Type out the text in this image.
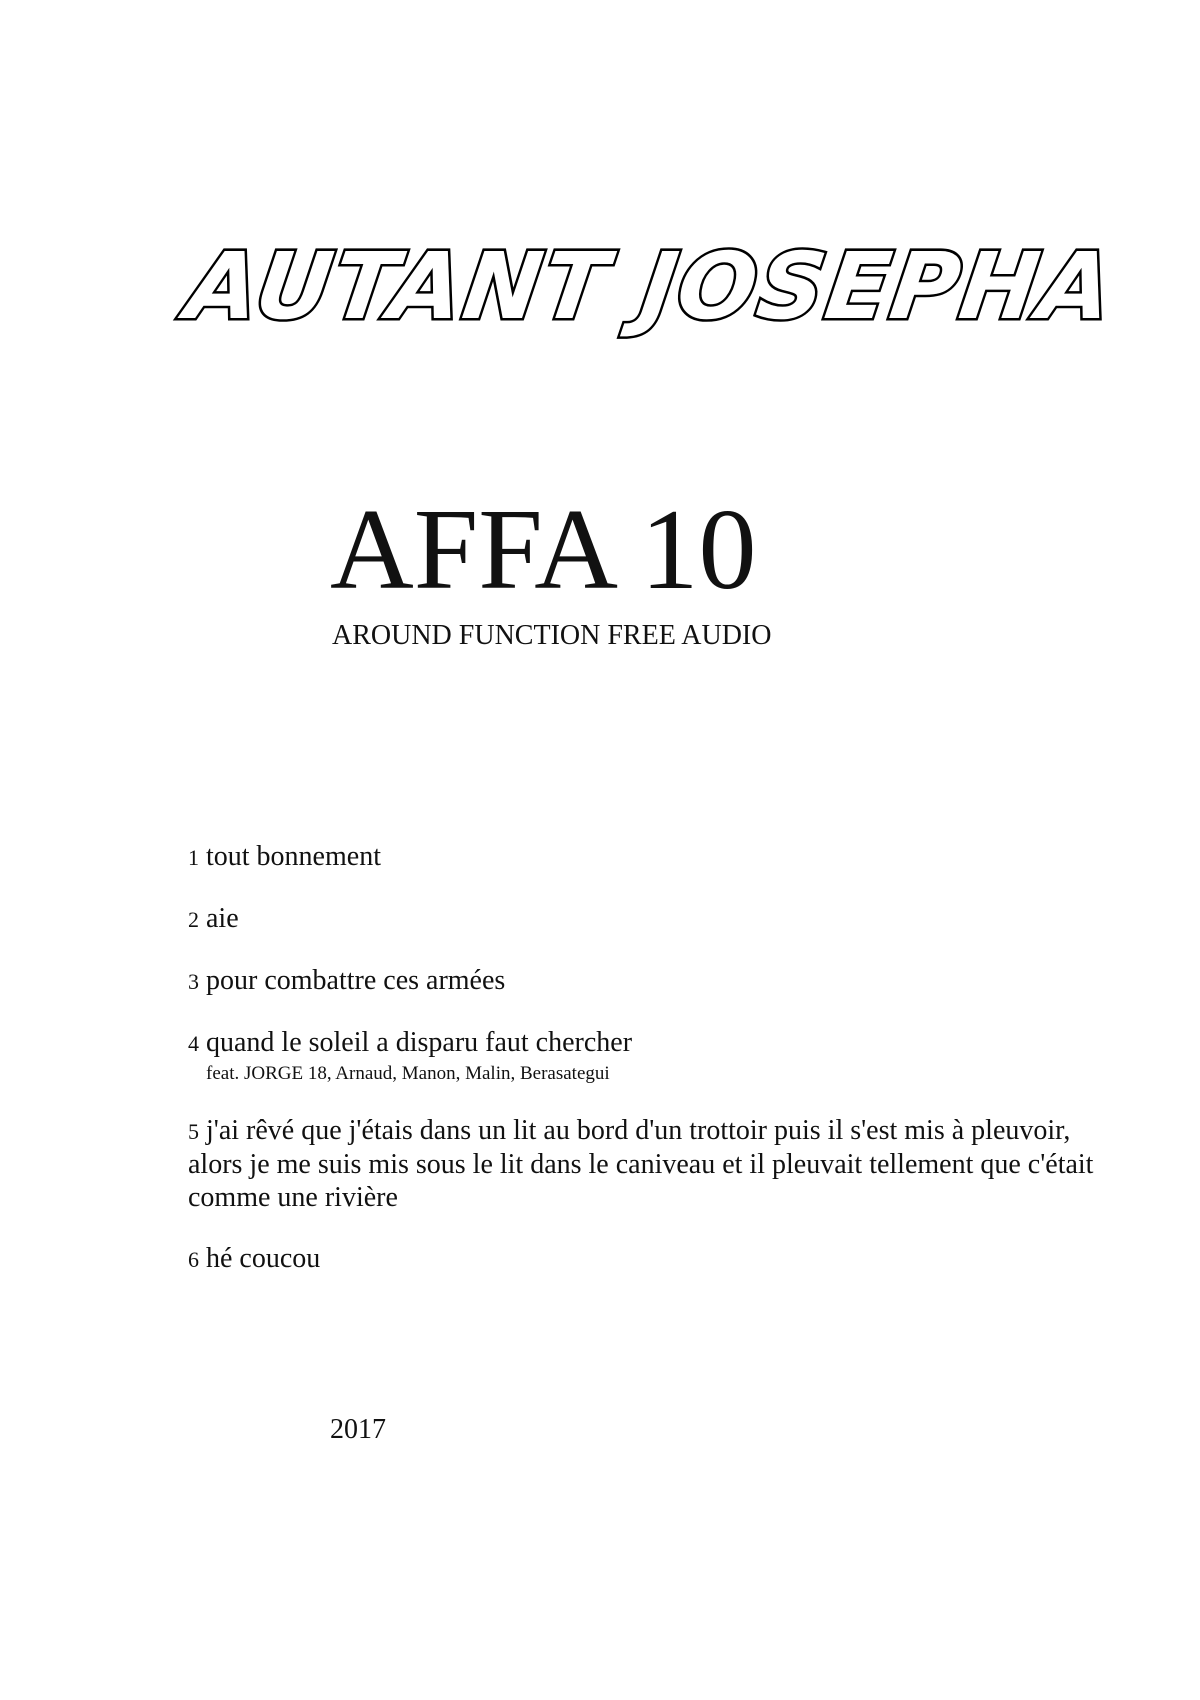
AUTANT JOSEPHA
AFFA 10
AROUND FUNCTION FREE AUDIO
1 tout bonnement
2 aie
3 pour combattre ces armées
4 quand le soleil a disparu faut chercher
feat. JORGE 18, Arnaud, Manon, Malin, Berasategui
5 j'ai rêvé que j'étais dans un lit au bord d'un trottoir puis il s'est mis à pleuvoir, alors je me suis mis sous le lit dans le caniveau et il pleuvait tellement que c'était comme une rivière
6 hé coucou
2017
